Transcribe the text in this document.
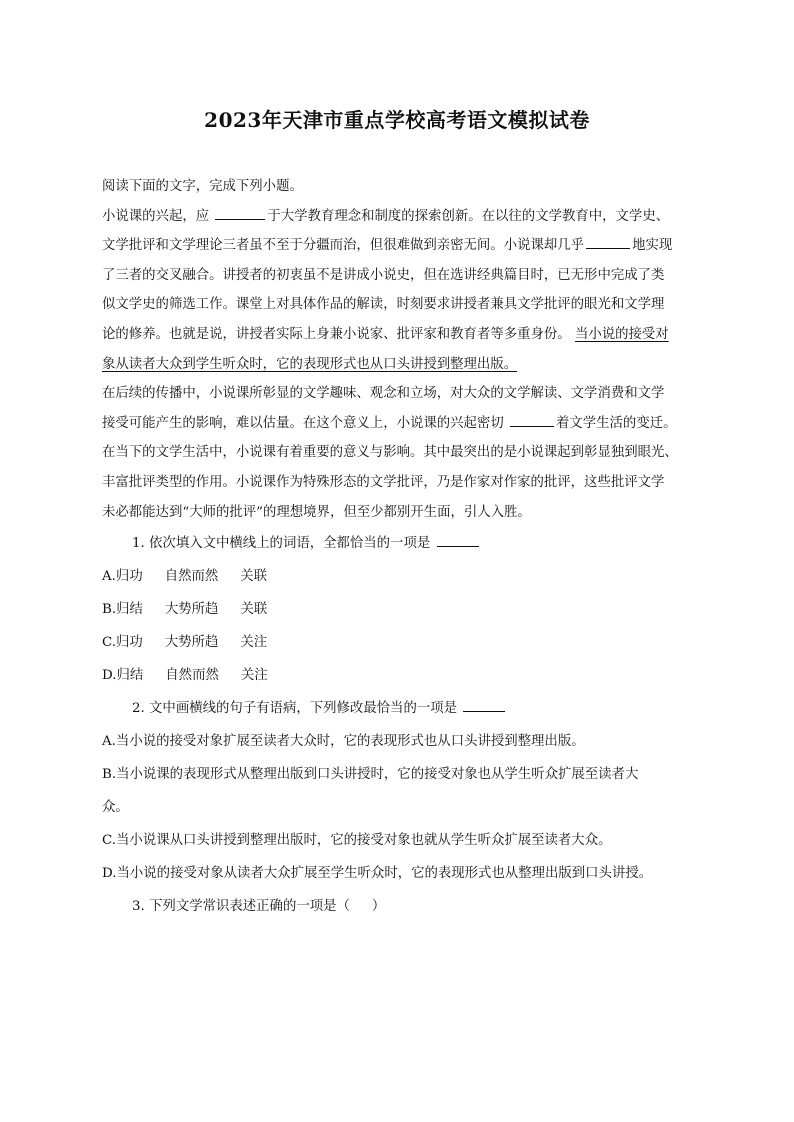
2023年天津市重点学校高考语文模拟试卷
阅读下面的文字，完成下列小题。
小说课的兴起，应	于大学教育理念和制度的探索创新。在以往的文学教育中，文学史、
文学批评和文学理论三者虽不至于分疆而治，但很难做到亲密无间。小说课却几乎	地实现
了三者的交叉融合。讲授者的初衷虽不是讲成小说史，但在选讲经典篇目时，已无形中完成了类
似文学史的筛选工作。课堂上对具体作品的解读，时刻要求讲授者兼具文学批评的眼光和文学理
论的修养。也就是说，讲授者实际上身兼小说家、批评家和教育者等多重身份。 当小说的接受对
象从读者大众到学生听众时，它的表现形式也从口头讲授到整理出版。
在后续的传播中，小说课所彰显的文学趣味、观念和立场，对大众的文学解读、文学消费和文学
接受可能产生的影响，难以估量。在这个意义上，小说课的兴起密切	着文学生活的变迁。
在当下的文学生活中，小说课有着重要的意义与影响。其中最突出的是小说课起到彰显独到眼光、
丰富批评类型的作用。小说课作为特殊形态的文学批评，乃是作家对作家的批评，这些批评文学
未必都能达到“大师的批评”的理想境界，但至少都别开生面，引人入胜。
1. 依次填入文中横线上的词语，全都恰当的一项是
A.归功 自然而然 关联
B.归结 大势所趋 关联
C.归功 大势所趋 关注
D.归结 自然而然 关注
2. 文中画横线的句子有语病，下列修改最恰当的一项是
A.当小说的接受对象扩展至读者大众时，它的表现形式也从口头讲授到整理出版。
B.当小说课的表现形式从整理出版到口头讲授时，它的接受对象也从学生听众扩展至读者大
众。
C.当小说课从口头讲授到整理出版时，它的接受对象也就从学生听众扩展至读者大众。
D.当小说的接受对象从读者大众扩展至学生听众时，它的表现形式也从整理出版到口头讲授。
3. 下列文学常识表述正确的一项是（ ）
